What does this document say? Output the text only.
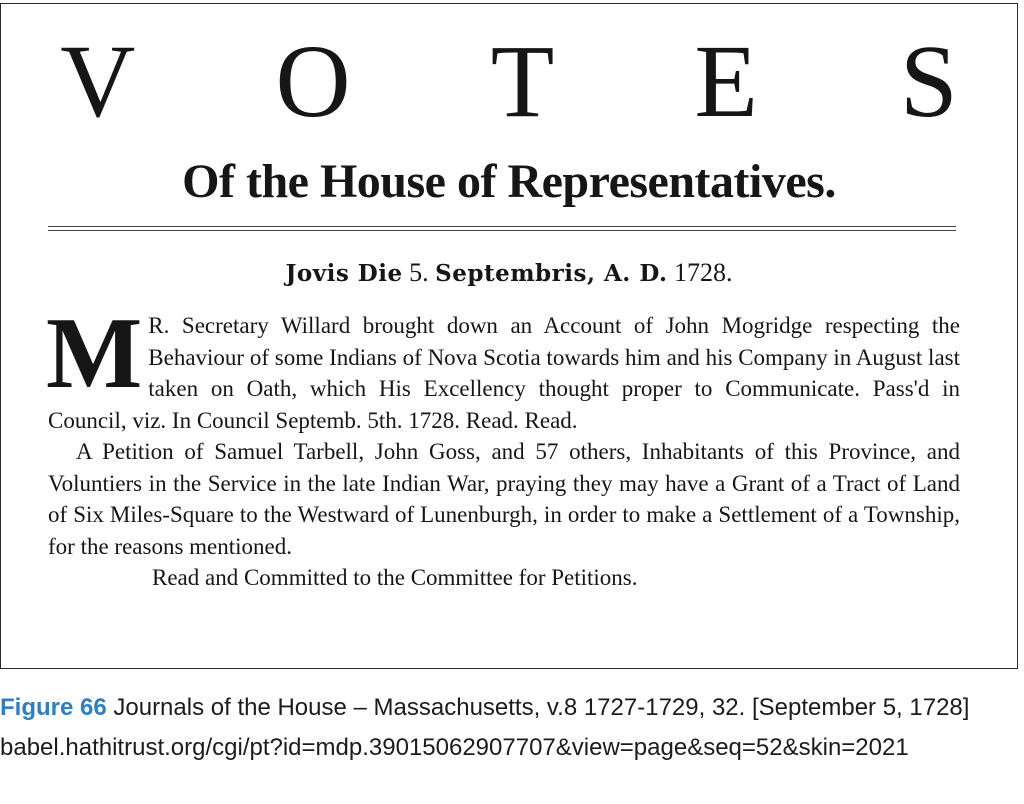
V O T E S
Of the House of Representatives.
Jovis Die 5. Septembris, A. D. 1728.
M R. Secretary Willard brought down an Account of John Mogridge respecting the Behaviour of some Indians of Nova Scotia towards him and his Company in August last taken on Oath, which His Excellency thought proper to Communicate. Pass'd in Council, viz. In Council Septemb. 5th. 1728. Read. Read.

A Petition of Samuel Tarbell, John Goss, and 57 others, Inhabitants of this Province, and Voluntiers in the Service in the late Indian War, praying they may have a Grant of a Tract of Land of Six Miles-Square to the Westward of Lunenburgh, in order to make a Settlement of a Township, for the reasons mentioned.

Read and Committed to the Committee for Petitions.

Figure 66 Journals of the House – Massachusetts, v.8 1727-1729, 32. [September 5, 1728] babel.hathitrust.org/cgi/pt?id=mdp.39015062907707&view=page&seq=52&skin=2021
